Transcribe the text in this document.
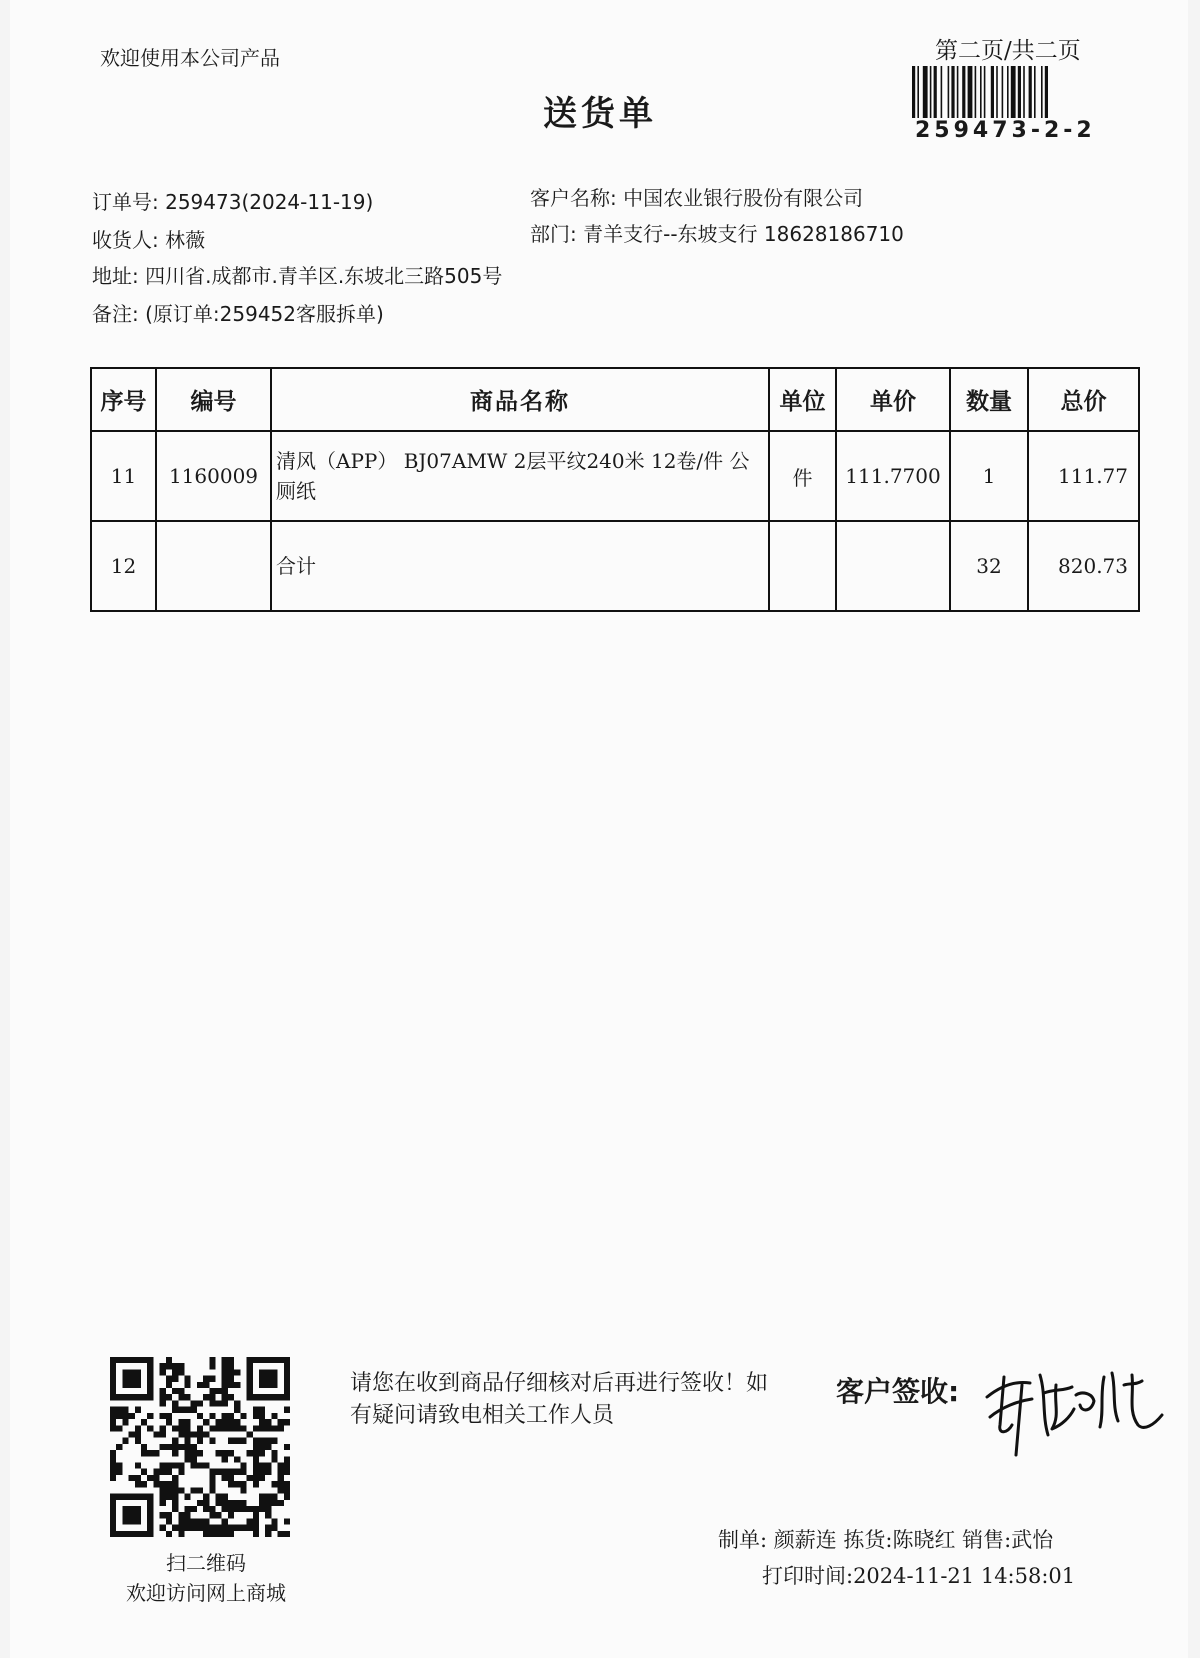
欢迎使用本公司产品	第二页/共二页
259473-2-2
送货单
订单号: 259473(2024-11-19)	客户名称: 中国农业银行股份有限公司
收货人: 林薇	部门: 青羊支行--东坡支行 18628186710
地址: 四川省.成都市.青羊区.东坡北三路505号
备注: (原订单:259452客服拆单)
序号	编号	商品名称	单位	单价	数量	总价
11	1160009	清风（APP） BJ07AMW 2层平纹240米 12卷/件 公厕纸	件	111.7700	1	111.77
12		合计			32	820.73
扫二维码
欢迎访问网上商城
请您在收到商品仔细核对后再进行签收！如有疑问请致电相关工作人员
客户签收:
制单: 颜薪连 拣货:陈晓红 销售:武怡
打印时间:2024-11-21 14:58:01
